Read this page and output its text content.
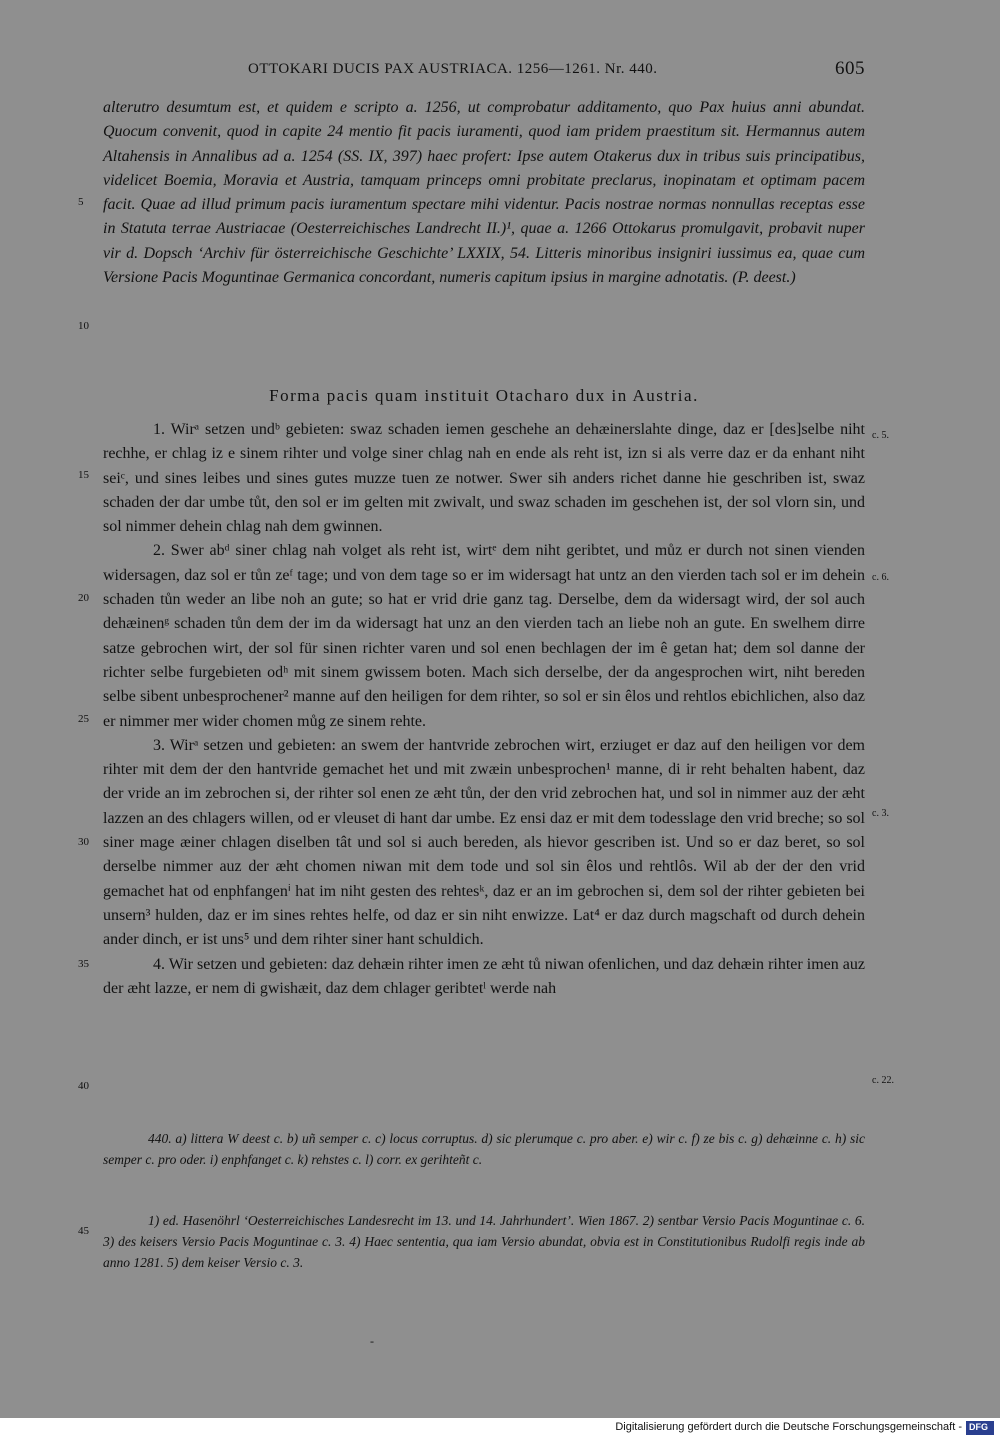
OTTOKARI DUCIS PAX AUSTRIACA. 1256—1261. Nr. 440.	605

alterutro desumtum est, et quidem e scripto a. 1256, ut comprobatur additamento, quo Pax huius anni abundat. Quocum convenit, quod in capite 24 mentio fit pacis iuramenti, quod iam pridem praestitum sit. Hermannus autem Altahensis in Annalibus ad a. 1254 (SS. IX, 397) haec profert: Ipse autem Otakerus dux in tribus suis principatibus, videlicet Boemia, Moravia et Austria, tamquam princeps omni probitate preclarus, inopinatam et optimam pacem facit. Quae ad illud primum pacis iuramentum spectare mihi videntur. Pacis nostrae normas nonnullas receptas esse in Statuta terrae Austriacae (Oesterreichisches Landrecht II.)¹, quae a. 1266 Ottokarus promulgavit, probavit nuper vir d. Dopsch ‘Archiv für österreichische Geschichte’ LXXIX, 54. Litteris minoribus insigniri iussimus ea, quae cum Versione Pacis Moguntinae Germanica concordant, numeris capitum ipsius in margine adnotatis. (P. deest.)

Forma pacis quam instituit Otacharo dux in Austria.

1. Wirᵃ setzen undᵇ gebieten: swaz schaden iemen geschehe an dehæinerslahte dinge, daz er [des]selbe niht rechhe, er chlag iz e sinem rihter und volge siner chlag nah en ende als reht ist, izn si als verre daz er da enhant niht seiᶜ, und sines leibes und sines gutes muzze tuen ze notwer. Swer sih anders richet danne hie geschriben ist, swaz schaden der dar umbe tůt, den sol er im gelten mit zwivalt, und swaz schaden im geschehen ist, der sol vlorn sin, und sol nimmer dehein chlag nah dem gwinnen.

2. Swer abᵈ siner chlag nah volget als reht ist, wirtᵉ dem niht geribtet, und můz er durch not sinen vienden widersagen, daz sol er tůn zeᶠ tage; und von dem tage so er im widersagt hat untz an den vierden tach sol er im dehein schaden tůn weder an libe noh an gute; so hat er vrid drie ganz tag. Derselbe, dem da widersagt wird, der sol auch dehæinenᵍ schaden tůn dem der im da widersagt hat unz an den vierden tach an liebe noh an gute. En swelhem dirre satze gebrochen wirt, der sol für sinen richter varen und sol enen bechlagen der im ê getan hat; dem sol danne der richter selbe furgebieten odʰ mit sinem gwissem boten. Mach sich derselbe, der da angesprochen wirt, niht bereden selbe sibent unbesprochener² manne auf den heiligen for dem rihter, so sol er sin êlos und rehtlos ebichlichen, also daz er nimmer mer wider chomen můg ze sinem rehte.

3. Wirᵃ setzen und gebieten: an swem der hantvride zebrochen wirt, erziuget er daz auf den heiligen vor dem rihter mit dem der den hantvride gemachet het und mit zwæin unbesprochen¹ manne, di ir reht behalten habent, daz der vride an im zebrochen si, der rihter sol enen ze æht tůn, der den vrid zebrochen hat, und sol in nimmer auz der æht lazzen an des chlagers willen, od er vleuset di hant dar umbe. Ez ensi daz er mit dem todesslage den vrid breche; so sol siner mage æiner chlagen diselben tât und sol si auch bereden, als hievor gescriben ist. Und so er daz beret, so sol derselbe nimmer auz der æht chomen niwan mit dem tode und sol sin êlos und rehtlôs. Wil ab der der den vrid gemachet hat od enphfangenⁱ hat im niht gesten des rehtesᵏ, daz er an im gebrochen si, dem sol der rihter gebieten bei unsern³ hulden, daz er im sines rehtes helfe, od daz er sin niht enwizze. Lat⁴ er daz durch magschaft od durch dehein ander dinch, er ist uns⁵ und dem rihter siner hant schuldich.

4. Wir setzen und gebieten: daz dehæin rihter imen ze æht tů niwan ofenlichen, und daz dehæin rihter imen auz der æht lazze, er nem di gwishæit, daz dem chlager geribtetˡ werde nah

440. a) littera W deest c. b) uñ semper c. c) locus corruptus. d) sic plerumque c. pro aber. e) wir c. f) ze bis c. g) dehæinne c. h) sic semper c. pro oder. i) enphfanget c. k) rehstes c. l) corr. ex gerihteñt c.

1) ed. Hasenöhrl ‘Oesterreichisches Landesrecht im 13. und 14. Jahrhundert’. Wien 1867. 2) sentbar Versio Pacis Moguntinae c. 6. 3) des keisers Versio Pacis Moguntinae c. 3. 4) Haec sententia, qua iam Versio abundat, obvia est in Constitutionibus Rudolfi regis inde ab anno 1281. 5) dem keiser Versio c. 3.

5
10
15
20
25
30
35
40
45
c. 5.
c. 6.
c. 3.
c. 22.
-
Digitalisierung gefördert durch die Deutsche Forschungsgemeinschaft - DFG
